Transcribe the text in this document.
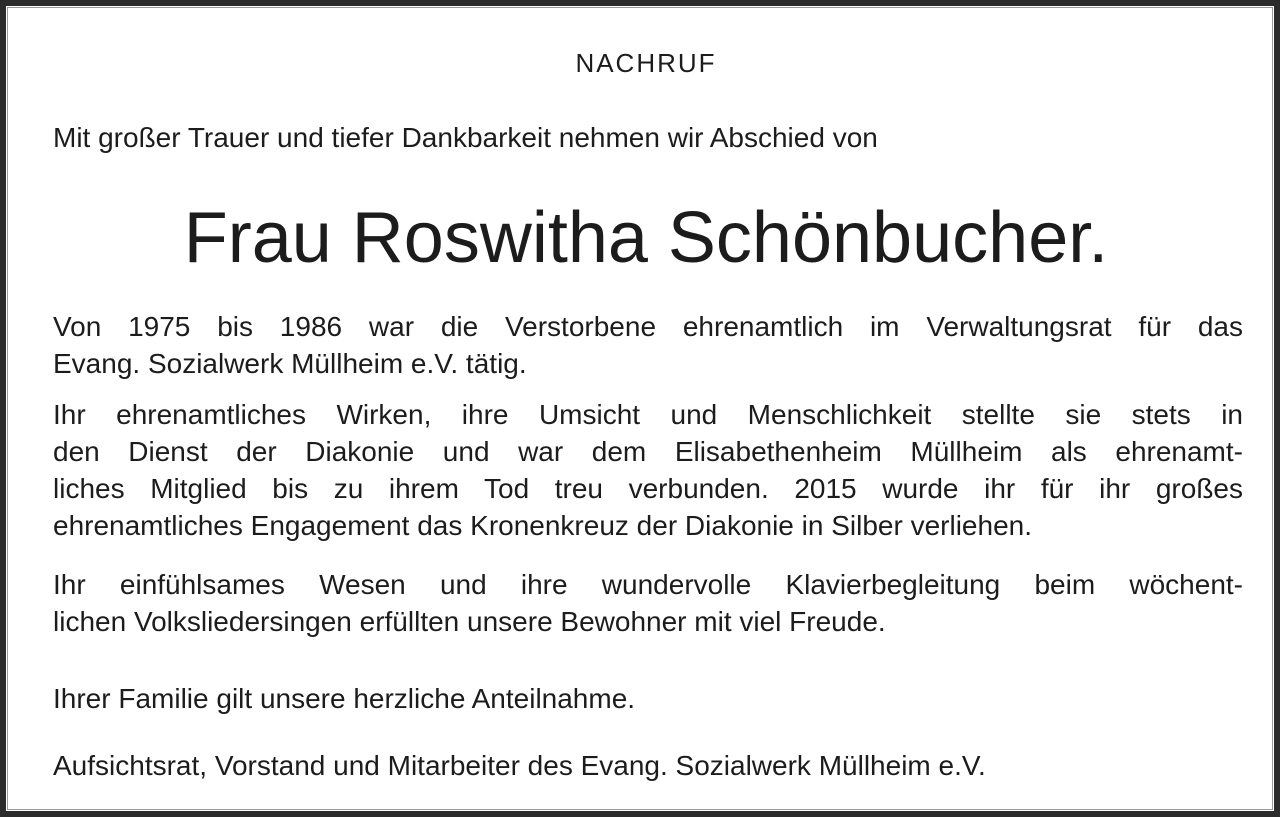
NACHRUF
Mit großer Trauer und tiefer Dankbarkeit nehmen wir Abschied von
Frau Roswitha Schönbucher.
Von 1975 bis 1986 war die Verstorbene ehrenamtlich im Verwaltungsrat für das
Evang. Sozialwerk Müllheim e.V. tätig.
Ihr ehrenamtliches Wirken, ihre Umsicht und Menschlichkeit stellte sie stets in
den Dienst der Diakonie und war dem Elisabethenheim Müllheim als ehrenamt-
liches Mitglied bis zu ihrem Tod treu verbunden. 2015 wurde ihr für ihr großes
ehrenamtliches Engagement das Kronenkreuz der Diakonie in Silber verliehen.
Ihr einfühlsames Wesen und ihre wundervolle Klavierbegleitung beim wöchent-
lichen Volksliedersingen erfüllten unsere Bewohner mit viel Freude.
Ihrer Familie gilt unsere herzliche Anteilnahme.
Aufsichtsrat, Vorstand und Mitarbeiter des Evang. Sozialwerk Müllheim e.V.
